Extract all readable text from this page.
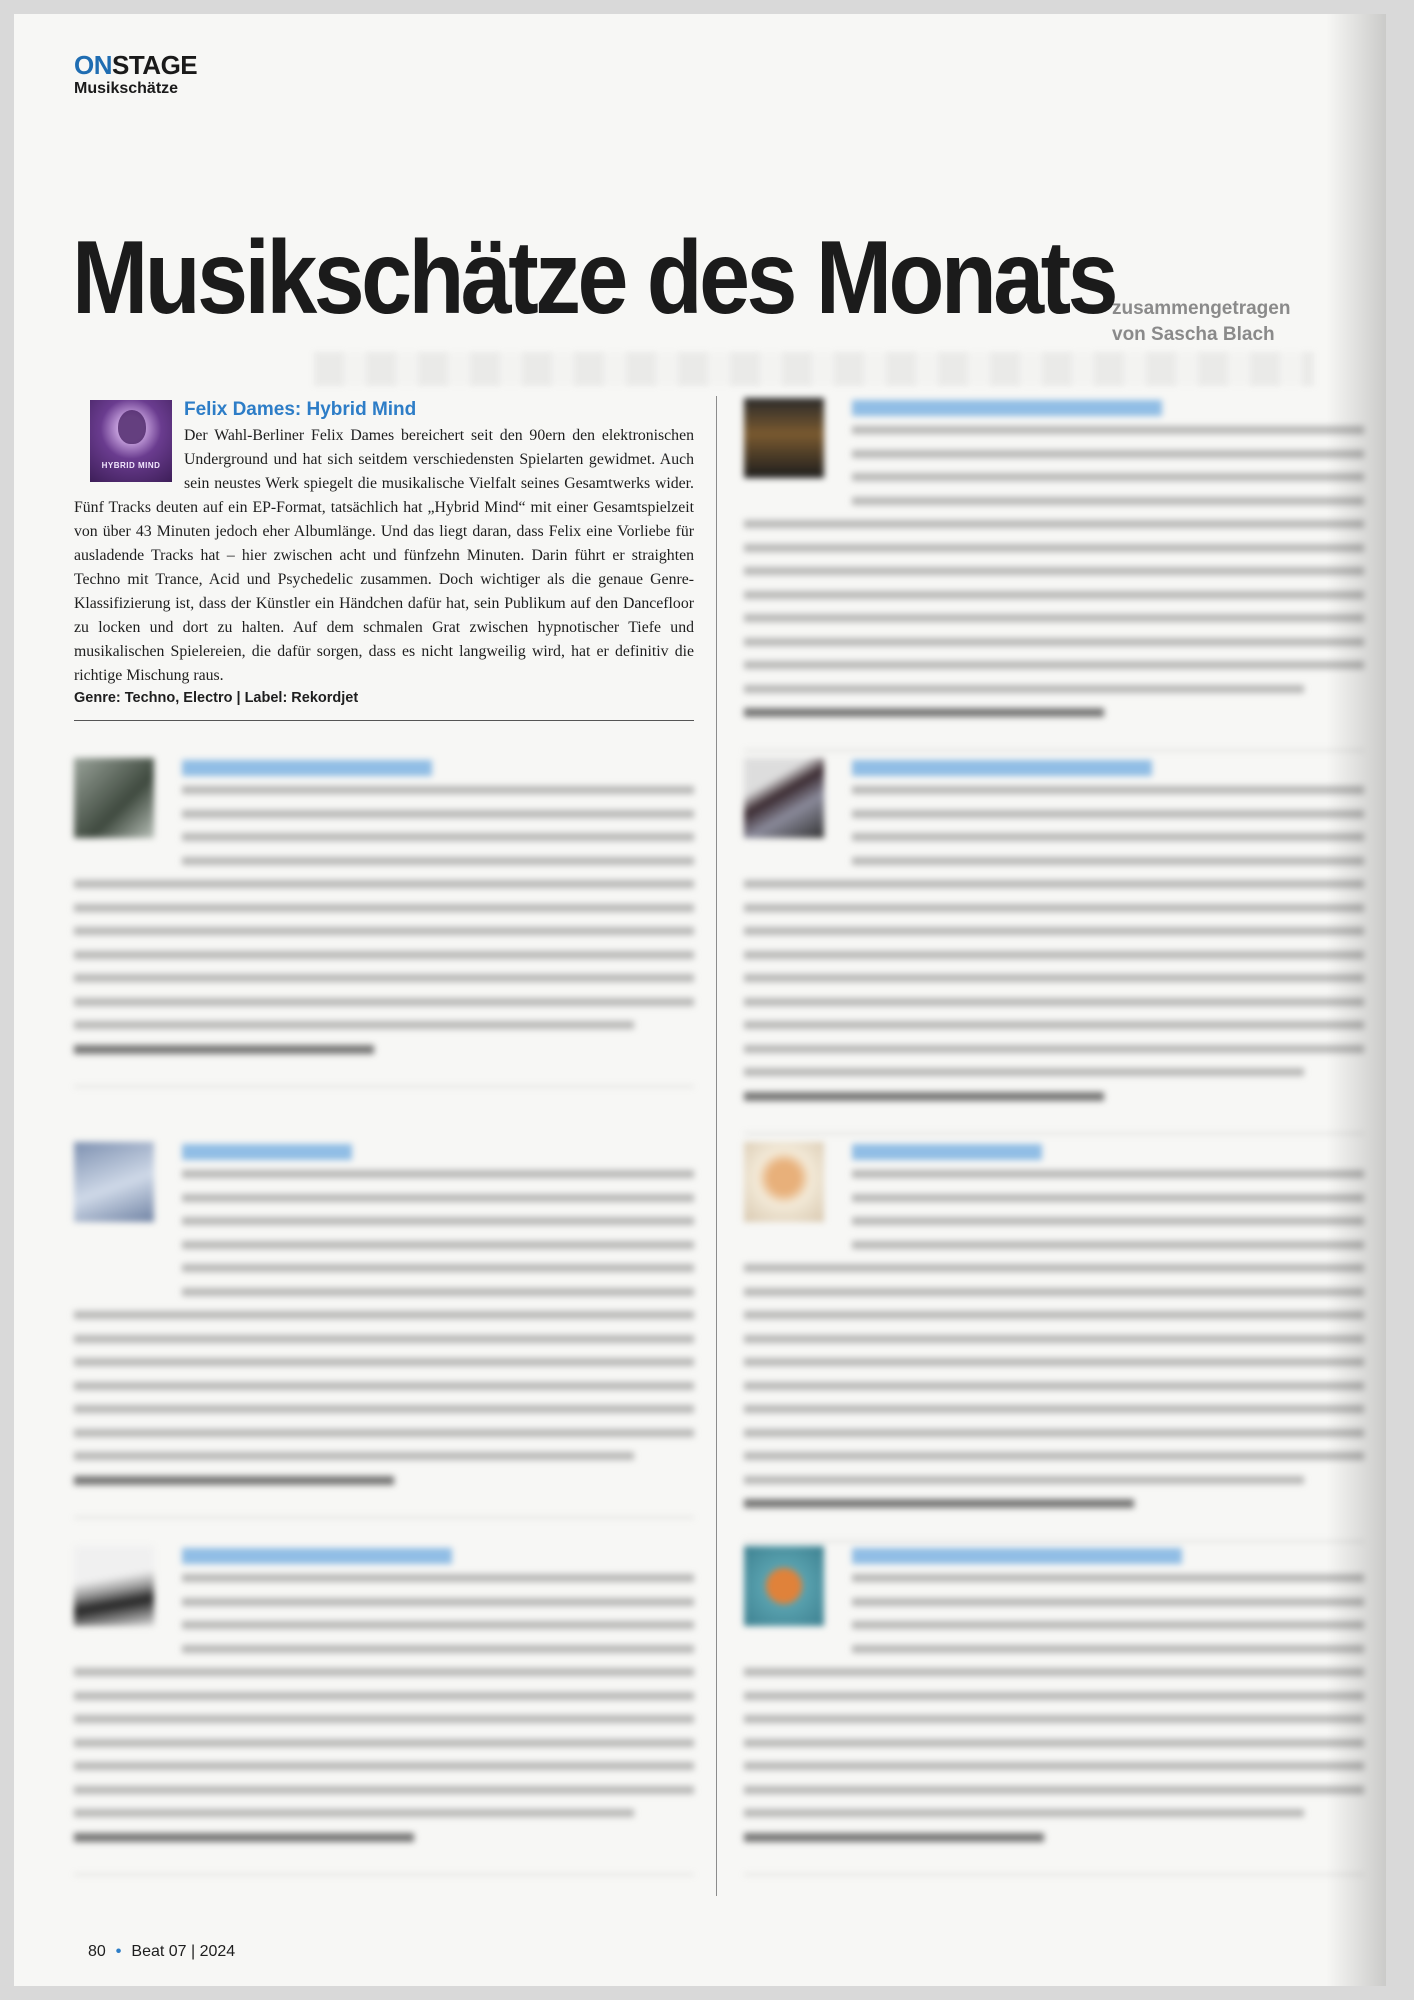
ONSTAGE
Musikschätze
Musikschätze des Monats
zusammengetragen
von Sascha Blach
HYBRID MIND
Felix Dames: Hybrid Mind

Der Wahl-Berliner Felix Dames bereichert seit den 90ern den elektronischen Underground und hat sich seitdem verschiedensten Spielarten gewidmet. Auch sein neustes Werk spiegelt die musikalische Vielfalt seines Gesamtwerks wider. Fünf Tracks deuten auf ein EP-Format, tatsächlich hat „Hybrid Mind“ mit einer Gesamtspielzeit von über 43 Minuten jedoch eher Albumlänge. Und das liegt daran, dass Felix eine Vorliebe für ausladende Tracks hat – hier zwischen acht und fünfzehn Minuten. Darin führt er straighten Techno mit Trance, Acid und Psychedelic zusammen. Doch wichtiger als die genaue Genre-Klassifizierung ist, dass der Künstler ein Händchen dafür hat, sein Publikum auf den Dancefloor zu locken und dort zu halten. Auf dem schmalen Grat zwischen hypnotischer Tiefe und musikalischen Spielereien, die dafür sorgen, dass es nicht langweilig wird, hat er definitiv die richtige Mischung raus.

Genre: Techno, Electro | Label: Rekordjet
80 • Beat 07 | 2024
